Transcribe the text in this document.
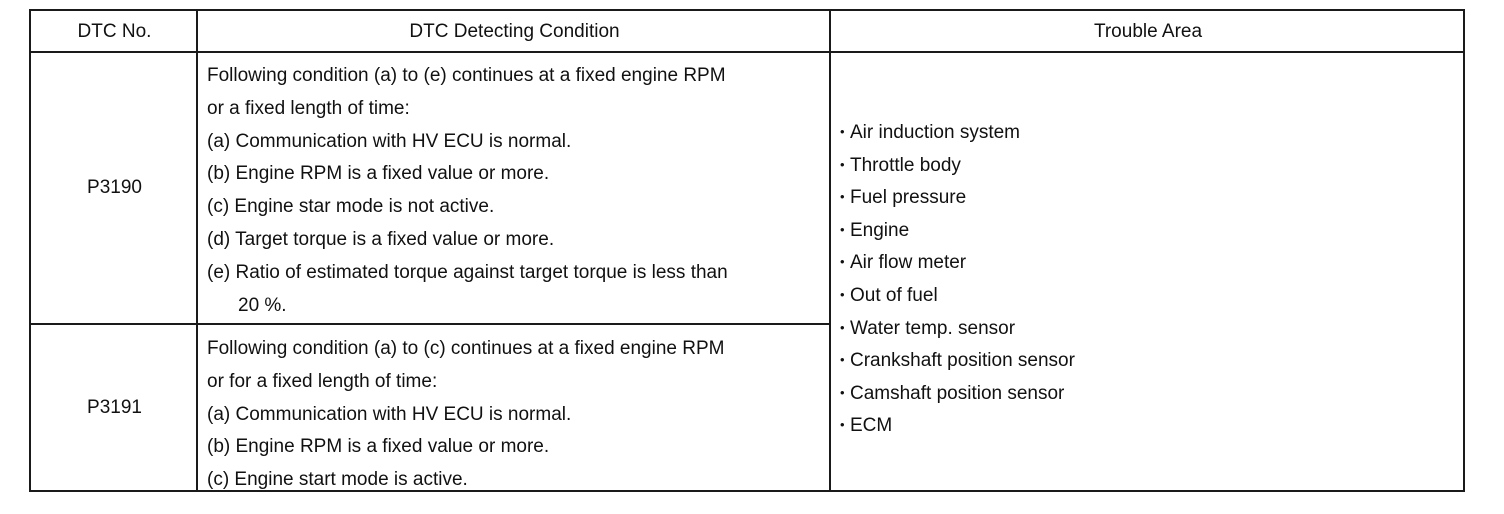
DTC No.	DTC Detecting Condition	Trouble Area
P3190
Following condition (a) to (e) continues at a fixed engine RPM
or a fixed length of time:
(a) Communication with HV ECU is normal.
(b) Engine RPM is a fixed value or more.
(c) Engine star mode is not active.
(d) Target torque is a fixed value or more.
(e) Ratio of estimated torque against target torque is less than
20 %.
P3191
Following condition (a) to (c) continues at a fixed engine RPM
or for a fixed length of time:
(a) Communication with HV ECU is normal.
(b) Engine RPM is a fixed value or more.
(c) Engine start mode is active.
• Air induction system
• Throttle body
• Fuel pressure
• Engine
• Air flow meter
• Out of fuel
• Water temp. sensor
• Crankshaft position sensor
• Camshaft position sensor
• ECM
